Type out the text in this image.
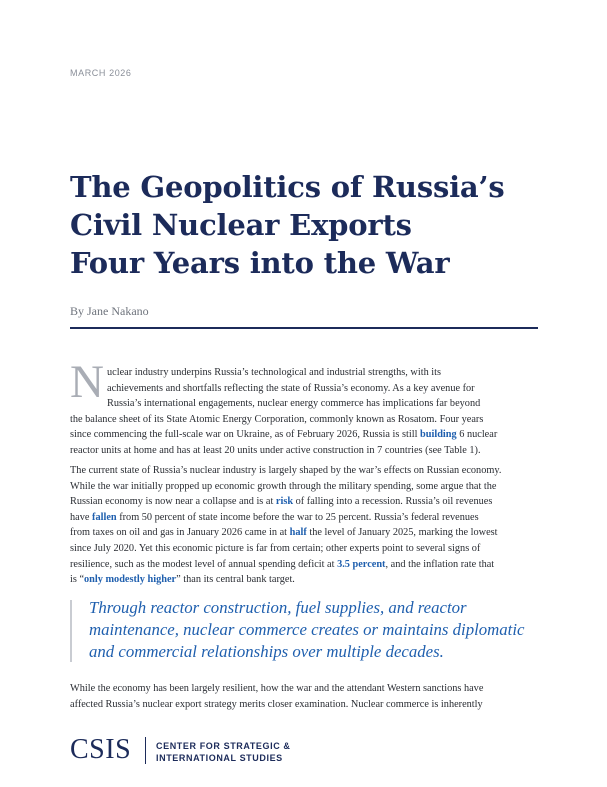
MARCH 2026
The Geopolitics of Russia’s
Civil Nuclear Exports
Four Years into the War
By Jane Nakano
N uclear industry underpins Russia’s technological and industrial strengths, with its
achievements and shortfalls reflecting the state of Russia’s economy. As a key avenue for
Russia’s international engagements, nuclear energy commerce has implications far beyond
the balance sheet of its State Atomic Energy Corporation, commonly known as Rosatom. Four years
since commencing the full-scale war on Ukraine, as of February 2026, Russia is still building 6 nuclear
reactor units at home and has at least 20 units under active construction in 7 countries (see Table 1).
The current state of Russia’s nuclear industry is largely shaped by the war’s effects on Russian economy.
While the war initially propped up economic growth through the military spending, some argue that the
Russian economy is now near a collapse and is at risk of falling into a recession. Russia’s oil revenues
have fallen from 50 percent of state income before the war to 25 percent. Russia’s federal revenues
from taxes on oil and gas in January 2026 came in at half the level of January 2025, marking the lowest
since July 2020. Yet this economic picture is far from certain; other experts point to several signs of
resilience, such as the modest level of annual spending deficit at 3.5 percent, and the inflation rate that
is “only modestly higher” than its central bank target.
Through reactor construction, fuel supplies, and reactor
maintenance, nuclear commerce creates or maintains diplomatic
and commercial relationships over multiple decades.
While the economy has been largely resilient, how the war and the attendant Western sanctions have
affected Russia’s nuclear export strategy merits closer examination. Nuclear commerce is inherently
CSIS	CENTER FOR STRATEGIC &
INTERNATIONAL STUDIES
